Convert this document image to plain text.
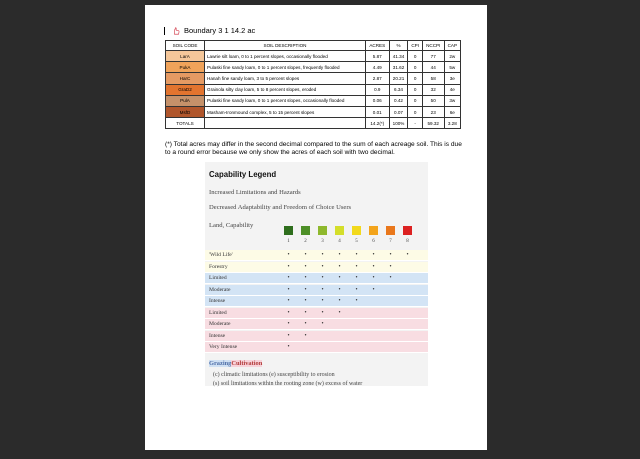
Boundary 3 1 14.2 ac
SOIL CODE	SOIL DESCRIPTION	ACRES	%	CPI	NCCPI	CAP
LarA	Lawrie silt loam, 0 to 1 percent slopes, occasionally flooded	5.87	41.34	0	77	2w
PukA	Pulaski fine sandy loam, 0 to 1 percent slopes, frequently flooded	4.49	31.62	0	44	5w
HarC	Hanah fine sandy loam, 3 to 5 percent slopes	2.87	20.21	0	58	3e
GraD2	Grainola silty clay loam, 5 to 8 percent slopes, eroded	0.9	6.34	0	32	4e
PulA	Pulaski fine sandy loam, 0 to 1 percent slopes, occasionally flooded	0.06	0.42	0	50	3w
MsfD	Masham-Ironmound complex, 5 to 15 percent slopes	0.01	0.07	0	23	6e
TOTALS		14.2(*)	100%	-	59.32	3.28
(*) Total acres may differ in the second decimal compared to the sum of each acreage soil. This is due to a round error because we only show the acres of each soil with two decimal.
Capability Legend
Increased Limitations and Hazards
Decreased Adaptability and Freedom of Choice Users
Land, Capability
1	2	3	4	5	6	7	8
'Wild Life'	•	•	•	•	•	•	•	•
Forestry	•	•	•	•	•	•	•
Limited	•	•	•	•	•	•	•
Moderate	•	•	•	•	•	•
Intense	•	•	•	•	•
Limited	•	•	•	•
Moderate	•	•	•
Intense	•	•
Very Intense	•
GrazingCultivation
(c) climatic limitations (e) susceptibility to erosion
(s) soil limitations within the rooting zone (w) excess of water
